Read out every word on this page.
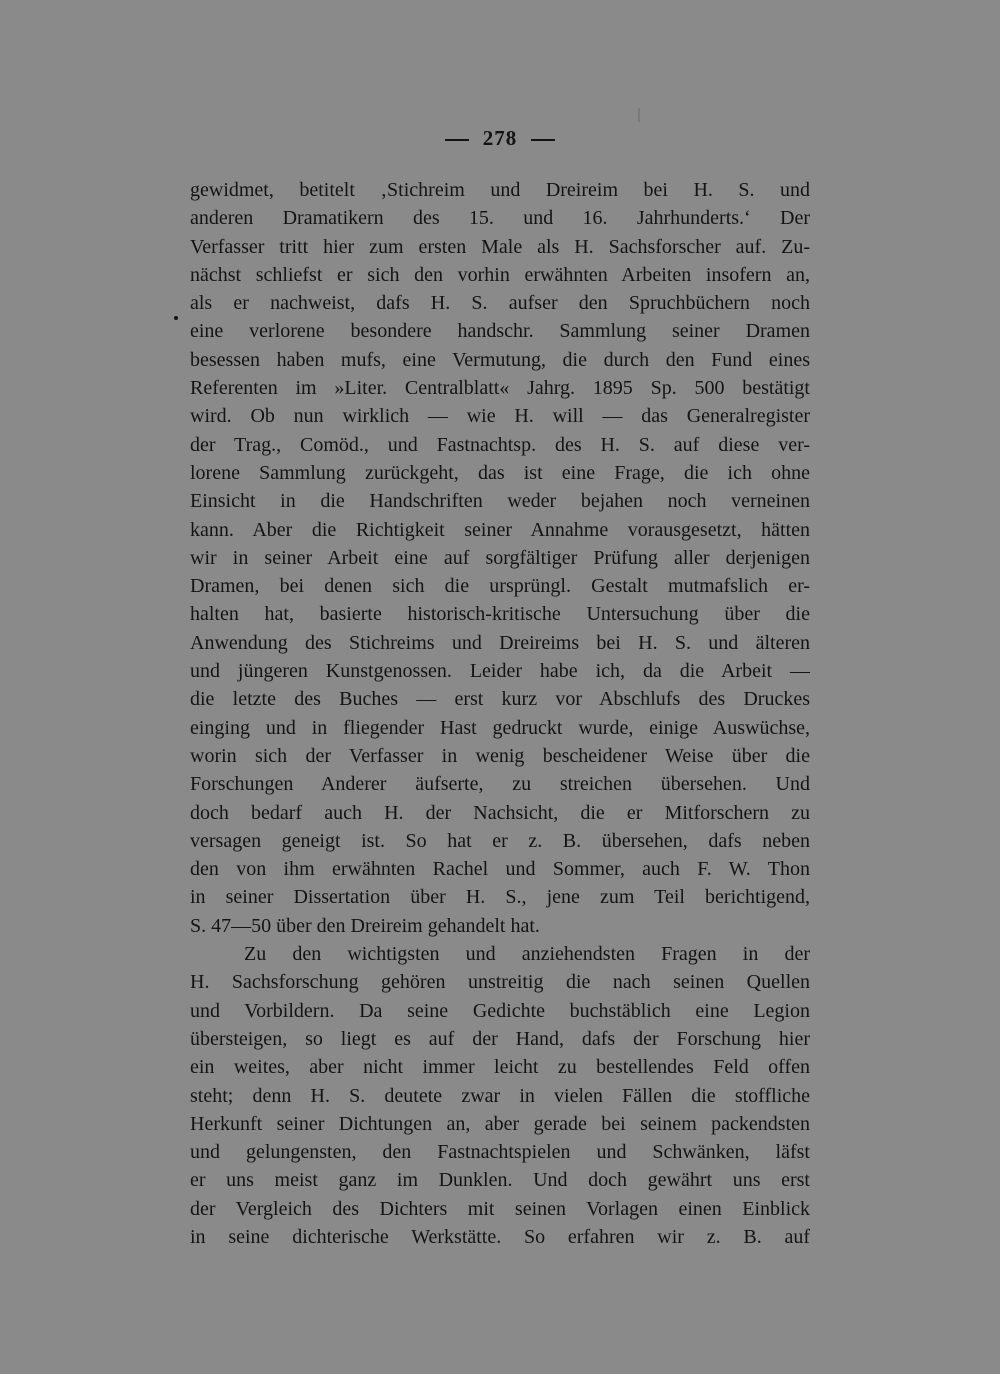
278
gewidmet, betitelt ‚Stichreim und Dreireim bei H. S. und
anderen Dramatikern des 15. und 16. Jahrhunderts.‘ Der
Verfasser tritt hier zum ersten Male als H. Sachsforscher auf. Zu-
nächst schliefst er sich den vorhin erwähnten Arbeiten insofern an,
als er nachweist, dafs H. S. aufser den Spruchbüchern noch
eine verlorene besondere handschr. Sammlung seiner Dramen
besessen haben mufs, eine Vermutung, die durch den Fund eines
Referenten im »Liter. Centralblatt« Jahrg. 1895 Sp. 500 bestätigt
wird. Ob nun wirklich — wie H. will — das Generalregister
der Trag., Comöd., und Fastnachtsp. des H. S. auf diese ver-
lorene Sammlung zurückgeht, das ist eine Frage, die ich ohne
Einsicht in die Handschriften weder bejahen noch verneinen
kann. Aber die Richtigkeit seiner Annahme vorausgesetzt, hätten
wir in seiner Arbeit eine auf sorgfältiger Prüfung aller derjenigen
Dramen, bei denen sich die ursprüngl. Gestalt mutmafslich er-
halten hat, basierte historisch-kritische Untersuchung über die
Anwendung des Stichreims und Dreireims bei H. S. und älteren
und jüngeren Kunstgenossen. Leider habe ich, da die Arbeit —
die letzte des Buches — erst kurz vor Abschlufs des Druckes
einging und in fliegender Hast gedruckt wurde, einige Auswüchse,
worin sich der Verfasser in wenig bescheidener Weise über die
Forschungen Anderer äufserte, zu streichen übersehen. Und
doch bedarf auch H. der Nachsicht, die er Mitforschern zu
versagen geneigt ist. So hat er z. B. übersehen, dafs neben
den von ihm erwähnten Rachel und Sommer, auch F. W. Thon
in seiner Dissertation über H. S., jene zum Teil berichtigend,
S. 47—50 über den Dreireim gehandelt hat.
Zu den wichtigsten und anziehendsten Fragen in der
H. Sachsforschung gehören unstreitig die nach seinen Quellen
und Vorbildern. Da seine Gedichte buchstäblich eine Legion
übersteigen, so liegt es auf der Hand, dafs der Forschung hier
ein weites, aber nicht immer leicht zu bestellendes Feld offen
steht; denn H. S. deutete zwar in vielen Fällen die stoffliche
Herkunft seiner Dichtungen an, aber gerade bei seinem packendsten
und gelungensten, den Fastnachtspielen und Schwänken, läfst
er uns meist ganz im Dunklen. Und doch gewährt uns erst
der Vergleich des Dichters mit seinen Vorlagen einen Einblick
in seine dichterische Werkstätte. So erfahren wir z. B. auf
